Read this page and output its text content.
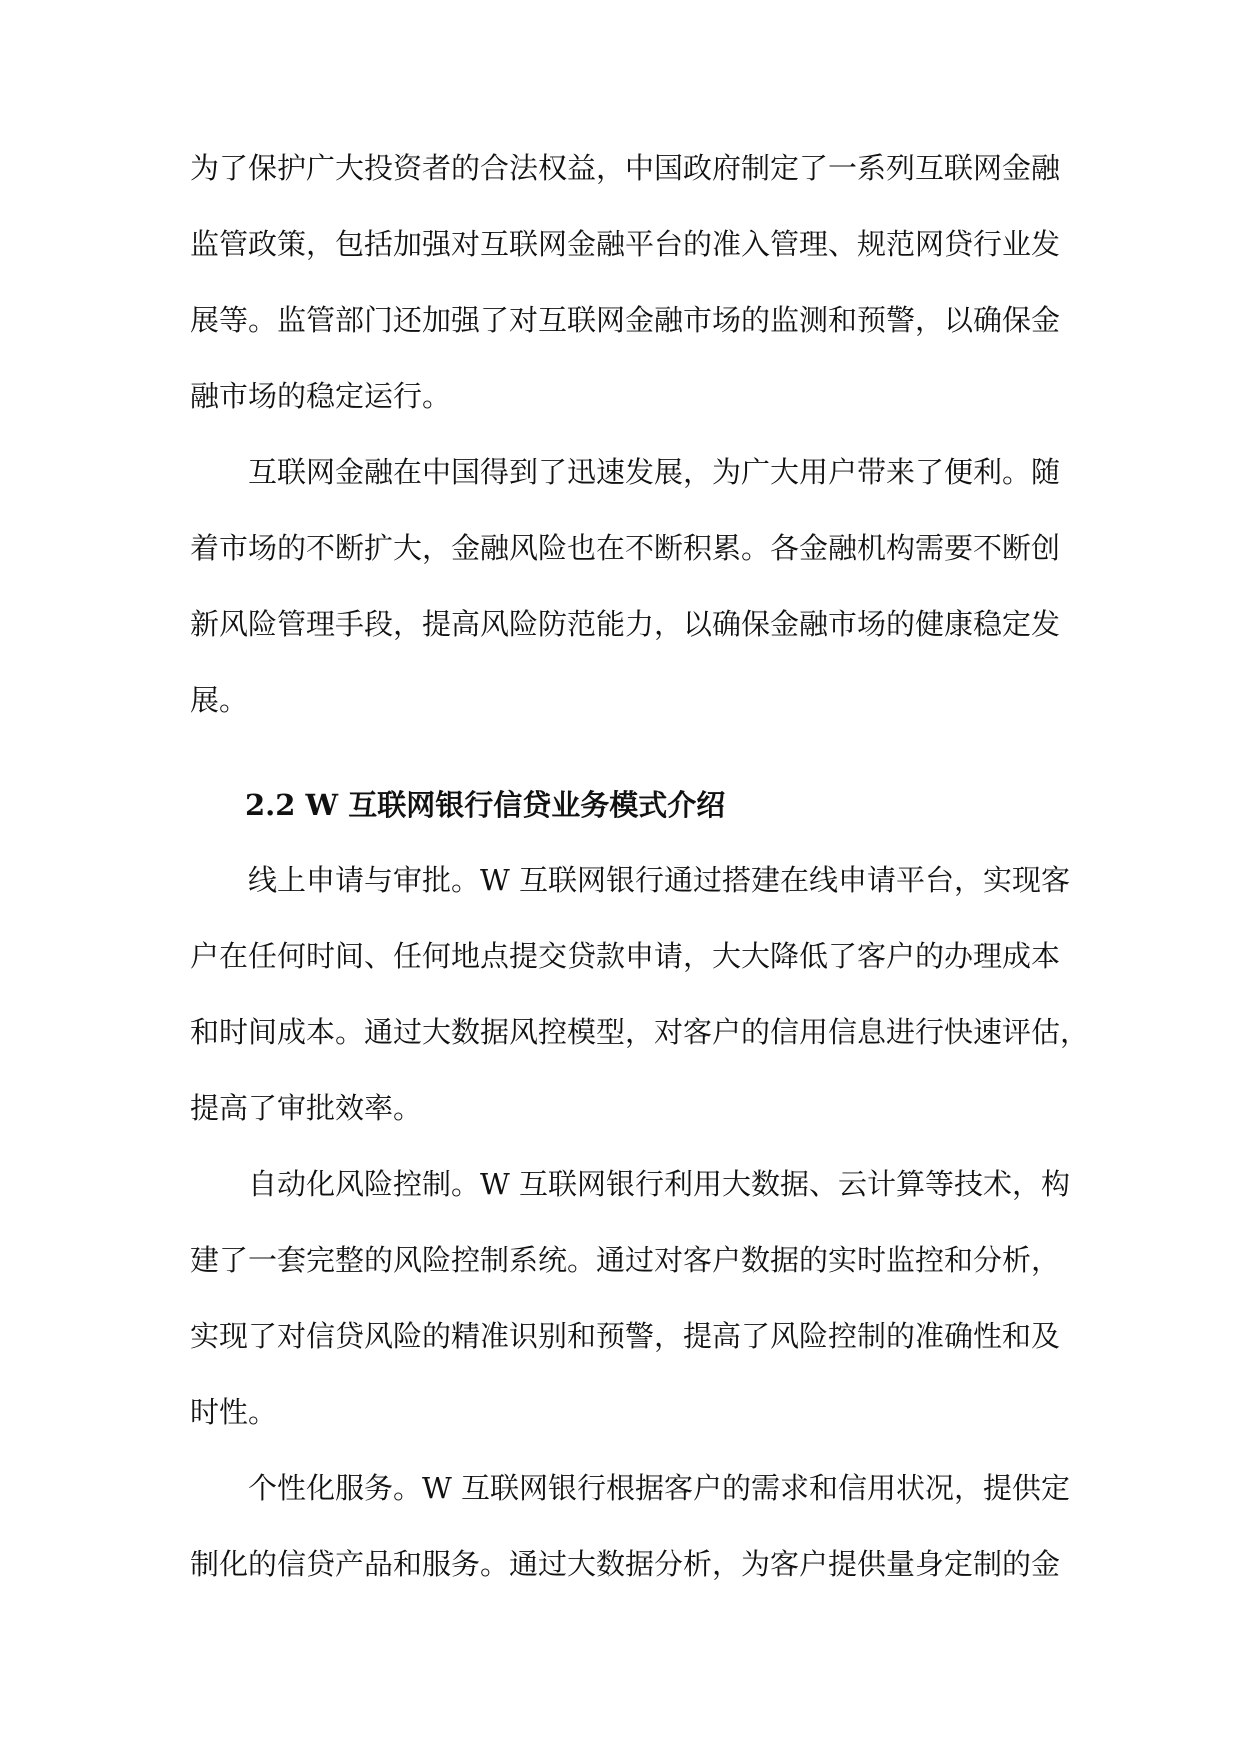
为了保护广大投资者的合法权益，中国政府制定了一系列互联网金融
监管政策，包括加强对互联网金融平台的准入管理、规范网贷行业发
展等。监管部门还加强了对互联网金融市场的监测和预警，以确保金
融市场的稳定运行。
互联网金融在中国得到了迅速发展，为广大用户带来了便利。随
着市场的不断扩大，金融风险也在不断积累。各金融机构需要不断创
新风险管理手段，提高风险防范能力，以确保金融市场的健康稳定发
展。
2.2 W 互联网银行信贷业务模式介绍
线上申请与审批。W 互联网银行通过搭建在线申请平台，实现客
户在任何时间、任何地点提交贷款申请，大大降低了客户的办理成本
和时间成本。通过大数据风控模型，对客户的信用信息进行快速评估，
提高了审批效率。
自动化风险控制。W 互联网银行利用大数据、云计算等技术，构
建了一套完整的风险控制系统。通过对客户数据的实时监控和分析，
实现了对信贷风险的精准识别和预警，提高了风险控制的准确性和及
时性。
个性化服务。W 互联网银行根据客户的需求和信用状况，提供定
制化的信贷产品和服务。通过大数据分析，为客户提供量身定制的金
